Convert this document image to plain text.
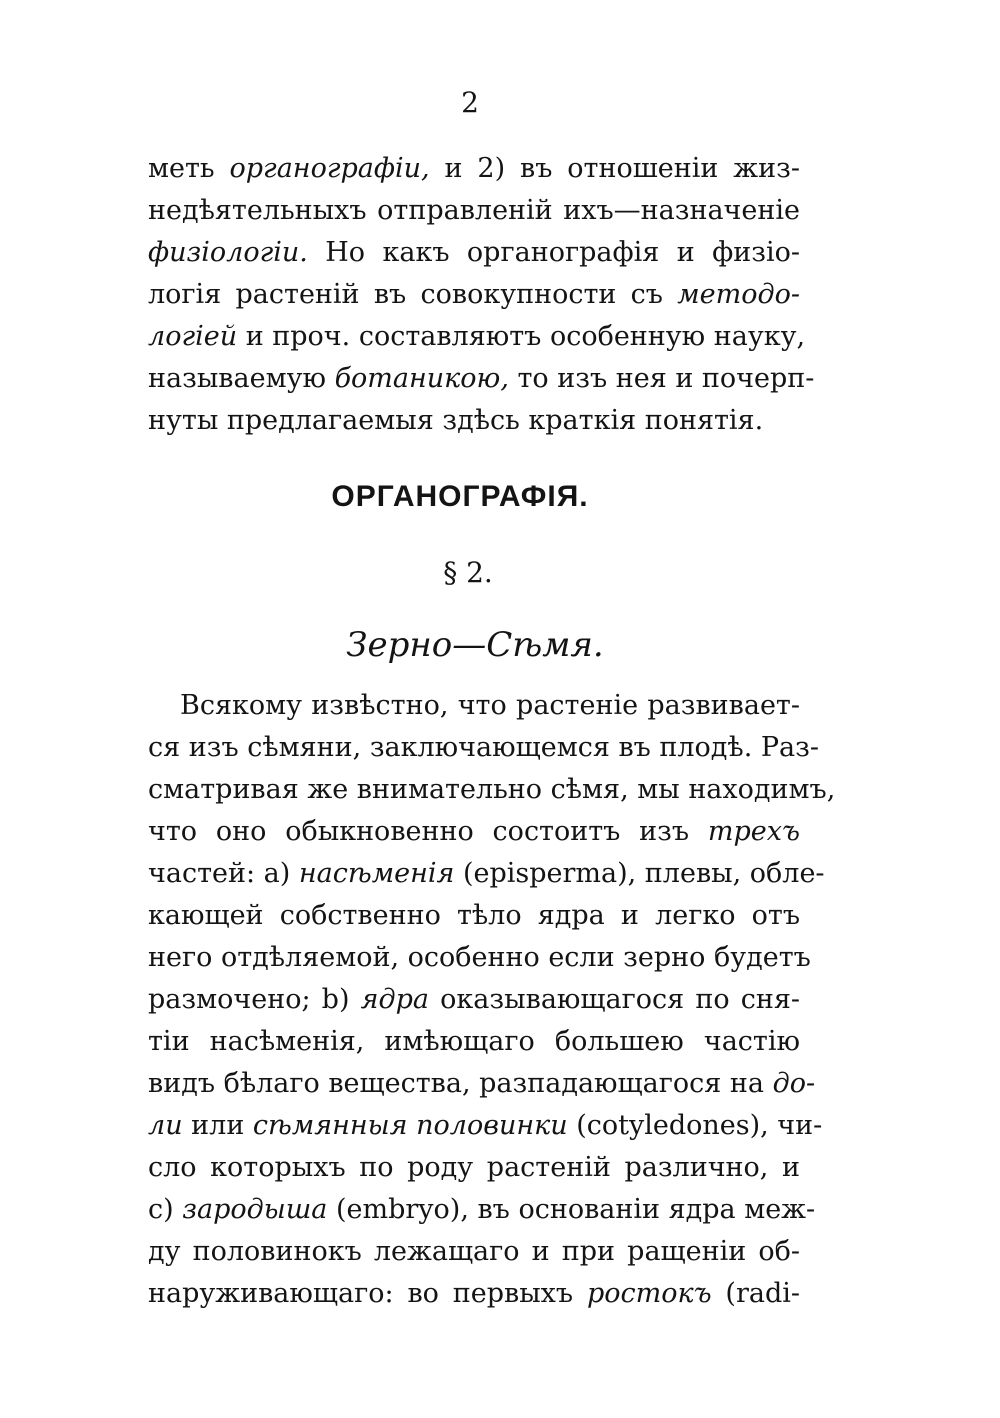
2
меть органографіи, и 2) въ отношеніи жиз-
недѣятельныхъ отправленій ихъ—назначеніе
физіологіи. Но какъ органографія и физіо-
логія растеній въ совокупности съ методо-
логіей и проч. составляютъ особенную науку,
называемую ботаникою, то изъ нея и почерп-
нуты предлагаемыя здѣсь краткія понятія.
ОРГАНОГРАФІЯ.
§ 2.
Зерно—Сѣмя.
Всякому извѣстно, что растеніе развивает-
ся изъ сѣмяни, заключающемся въ плодѣ. Раз-
сматривая же внимательно сѣмя, мы находимъ,
что оно обыкновенно состоитъ изъ трехъ
частей: а) насѣменія (episperma), плевы, обле-
кающей собственно тѣло ядра и легко отъ
него отдѣляемой, особенно если зерно будетъ
размочено; b) ядра оказывающагося по сня-
тіи насѣменія, имѣющаго большею частію
видъ бѣлаго вещества, разпадающагося на до-
ли или сѣмянныя половинки (cotyledones), чи-
сло которыхъ по роду растеній различно, и
с) зародыша (embryo), въ основаніи ядра меж-
ду половинокъ лежащаго и при ращеніи об-
наруживающаго: во первыхъ ростокъ (radi-
